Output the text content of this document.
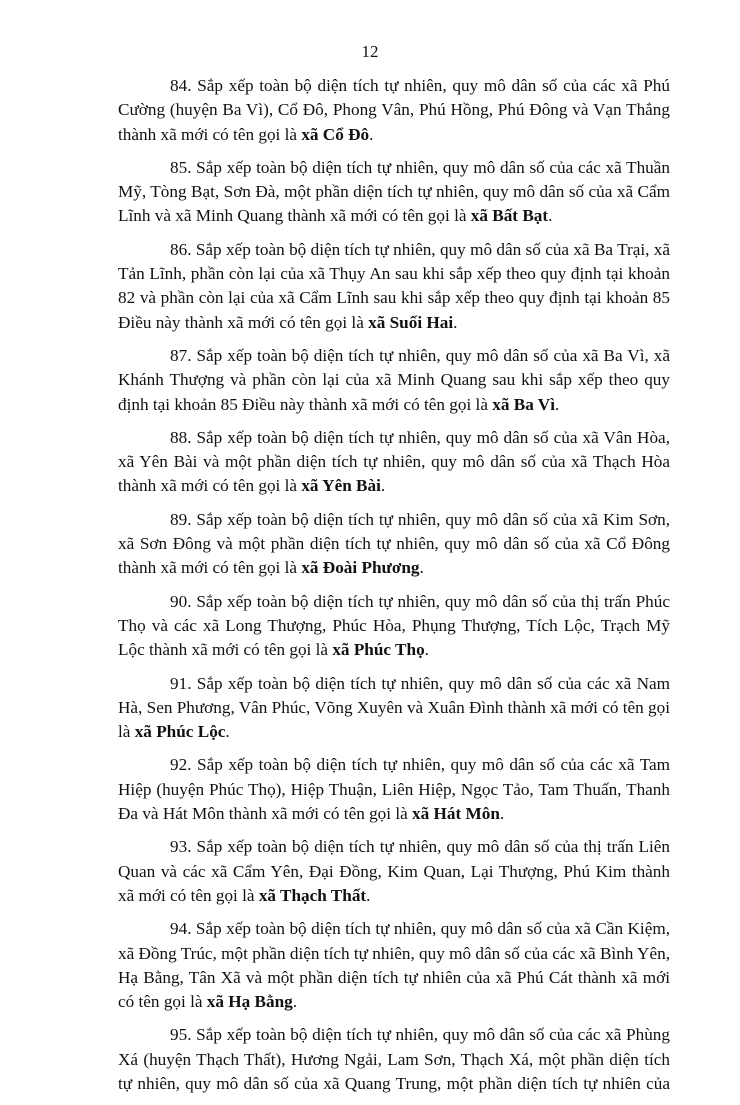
12

84. Sắp xếp toàn bộ diện tích tự nhiên, quy mô dân số của các xã Phú Cường (huyện Ba Vì), Cổ Đô, Phong Vân, Phú Hồng, Phú Đông và Vạn Thắng thành xã mới có tên gọi là xã Cổ Đô.

85. Sắp xếp toàn bộ diện tích tự nhiên, quy mô dân số của các xã Thuần Mỹ, Tòng Bạt, Sơn Đà, một phần diện tích tự nhiên, quy mô dân số của xã Cẩm Lĩnh và xã Minh Quang thành xã mới có tên gọi là xã Bất Bạt.

86. Sắp xếp toàn bộ diện tích tự nhiên, quy mô dân số của xã Ba Trại, xã Tản Lĩnh, phần còn lại của xã Thụy An sau khi sắp xếp theo quy định tại khoản 82 và phần còn lại của xã Cẩm Lĩnh sau khi sắp xếp theo quy định tại khoản 85 Điều này thành xã mới có tên gọi là xã Suối Hai.

87. Sắp xếp toàn bộ diện tích tự nhiên, quy mô dân số của xã Ba Vì, xã Khánh Thượng và phần còn lại của xã Minh Quang sau khi sắp xếp theo quy định tại khoản 85 Điều này thành xã mới có tên gọi là xã Ba Vì.

88. Sắp xếp toàn bộ diện tích tự nhiên, quy mô dân số của xã Vân Hòa, xã Yên Bài và một phần diện tích tự nhiên, quy mô dân số của xã Thạch Hòa thành xã mới có tên gọi là xã Yên Bài.

89. Sắp xếp toàn bộ diện tích tự nhiên, quy mô dân số của xã Kim Sơn, xã Sơn Đông và một phần diện tích tự nhiên, quy mô dân số của xã Cổ Đông thành xã mới có tên gọi là xã Đoài Phương.

90. Sắp xếp toàn bộ diện tích tự nhiên, quy mô dân số của thị trấn Phúc Thọ và các xã Long Thượng, Phúc Hòa, Phụng Thượng, Tích Lộc, Trạch Mỹ Lộc thành xã mới có tên gọi là xã Phúc Thọ.

91. Sắp xếp toàn bộ diện tích tự nhiên, quy mô dân số của các xã Nam Hà, Sen Phương, Vân Phúc, Võng Xuyên và Xuân Đình thành xã mới có tên gọi là xã Phúc Lộc.

92. Sắp xếp toàn bộ diện tích tự nhiên, quy mô dân số của các xã Tam Hiệp (huyện Phúc Thọ), Hiệp Thuận, Liên Hiệp, Ngọc Tảo, Tam Thuấn, Thanh Đa và Hát Môn thành xã mới có tên gọi là xã Hát Môn.

93. Sắp xếp toàn bộ diện tích tự nhiên, quy mô dân số của thị trấn Liên Quan và các xã Cẩm Yên, Đại Đồng, Kim Quan, Lại Thượng, Phú Kim thành xã mới có tên gọi là xã Thạch Thất.

94. Sắp xếp toàn bộ diện tích tự nhiên, quy mô dân số của xã Cần Kiệm, xã Đồng Trúc, một phần diện tích tự nhiên, quy mô dân số của các xã Bình Yên, Hạ Bằng, Tân Xã và một phần diện tích tự nhiên của xã Phú Cát thành xã mới có tên gọi là xã Hạ Bằng.

95. Sắp xếp toàn bộ diện tích tự nhiên, quy mô dân số của các xã Phùng Xá (huyện Thạch Thất), Hương Ngải, Lam Sơn, Thạch Xá, một phần diện tích tự nhiên, quy mô dân số của xã Quang Trung, một phần diện tích tự nhiên của
